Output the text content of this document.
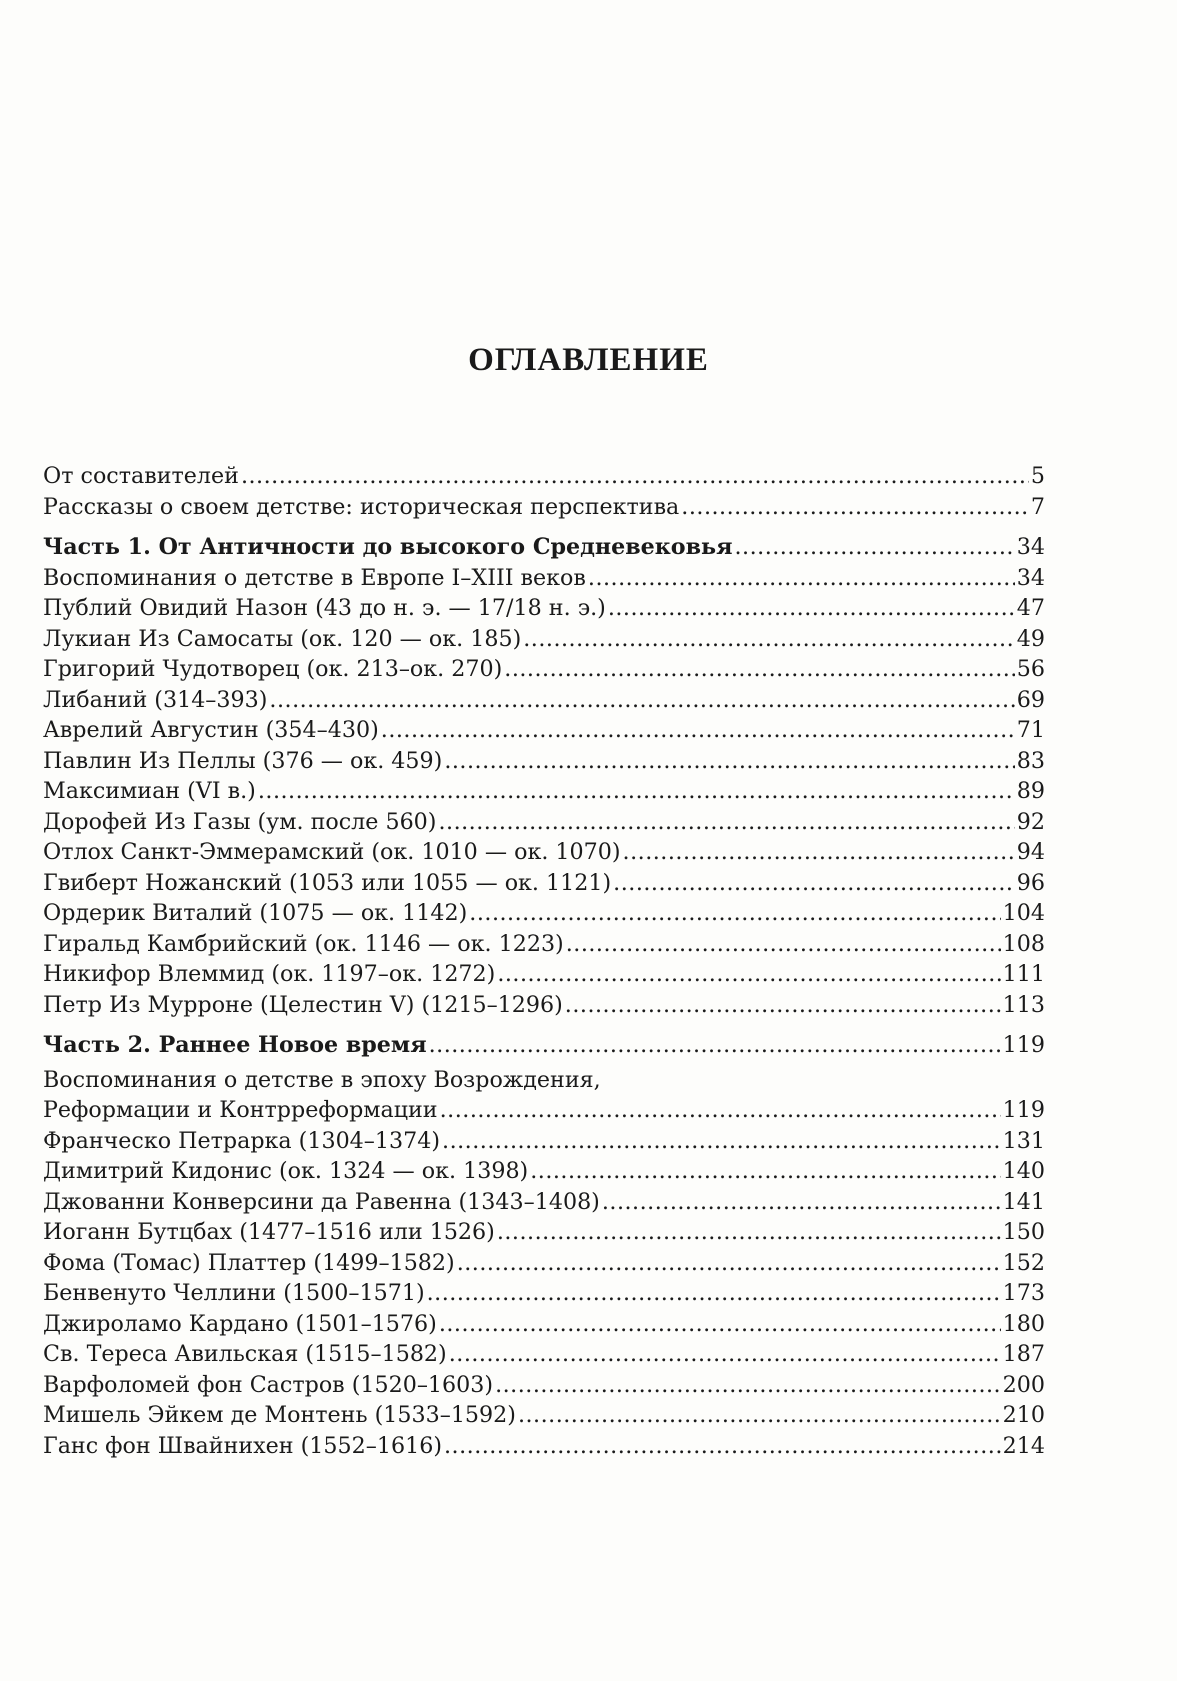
ОГЛАВЛЕНИЕ
От составителей .....	5
Рассказы о своем детстве: историческая перспектива .....	7
Часть 1. От Античности до высокого Средневековья .....	34
Воспоминания о детстве в Европе I–XIII веков .....	34
Публий Овидий Назон (43 до н. э. — 17/18 н. э.) .....	47
Лукиан Из Самосаты (ок. 120 — ок. 185) .....	49
Григорий Чудотворец (ок. 213–ок. 270) .....	56
Либаний (314–393) .....	69
Аврелий Августин (354–430) .....	71
Павлин Из Пеллы (376 — ок. 459) .....	83
Максимиан (VI в.) .....	89
Дорофей Из Газы (ум. после 560) .....	92
Отлох Санкт-Эммерамский (ок. 1010 — ок. 1070) .....	94
Гвиберт Ножанский (1053 или 1055 — ок. 1121) .....	96
Ордерик Виталий (1075 — ок. 1142) .....	104
Гиральд Камбрийский (ок. 1146 — ок. 1223) .....	108
Никифор Влеммид (ок. 1197–ок. 1272) .....	111
Петр Из Мурроне (Целестин V) (1215–1296) .....	113
Часть 2. Раннее Новое время .....	119
Воспоминания о детстве в эпоху Возрождения,
Реформации и Контрреформации .....	119
Франческо Петрарка (1304–1374) .....	131
Димитрий Кидонис (ок. 1324 — ок. 1398) .....	140
Джованни Конверсини да Равенна (1343–1408) .....	141
Иоганн Бутцбах (1477–1516 или 1526) .....	150
Фома (Томас) Платтер (1499–1582) .....	152
Бенвенуто Челлини (1500–1571) .....	173
Джироламо Кардано (1501–1576) .....	180
Св. Тереса Авильская (1515–1582) .....	187
Варфоломей фон Састров (1520–1603) .....	200
Мишель Эйкем де Монтень (1533–1592) .....	210
Ганс фон Швайнихен (1552–1616) .....	214
